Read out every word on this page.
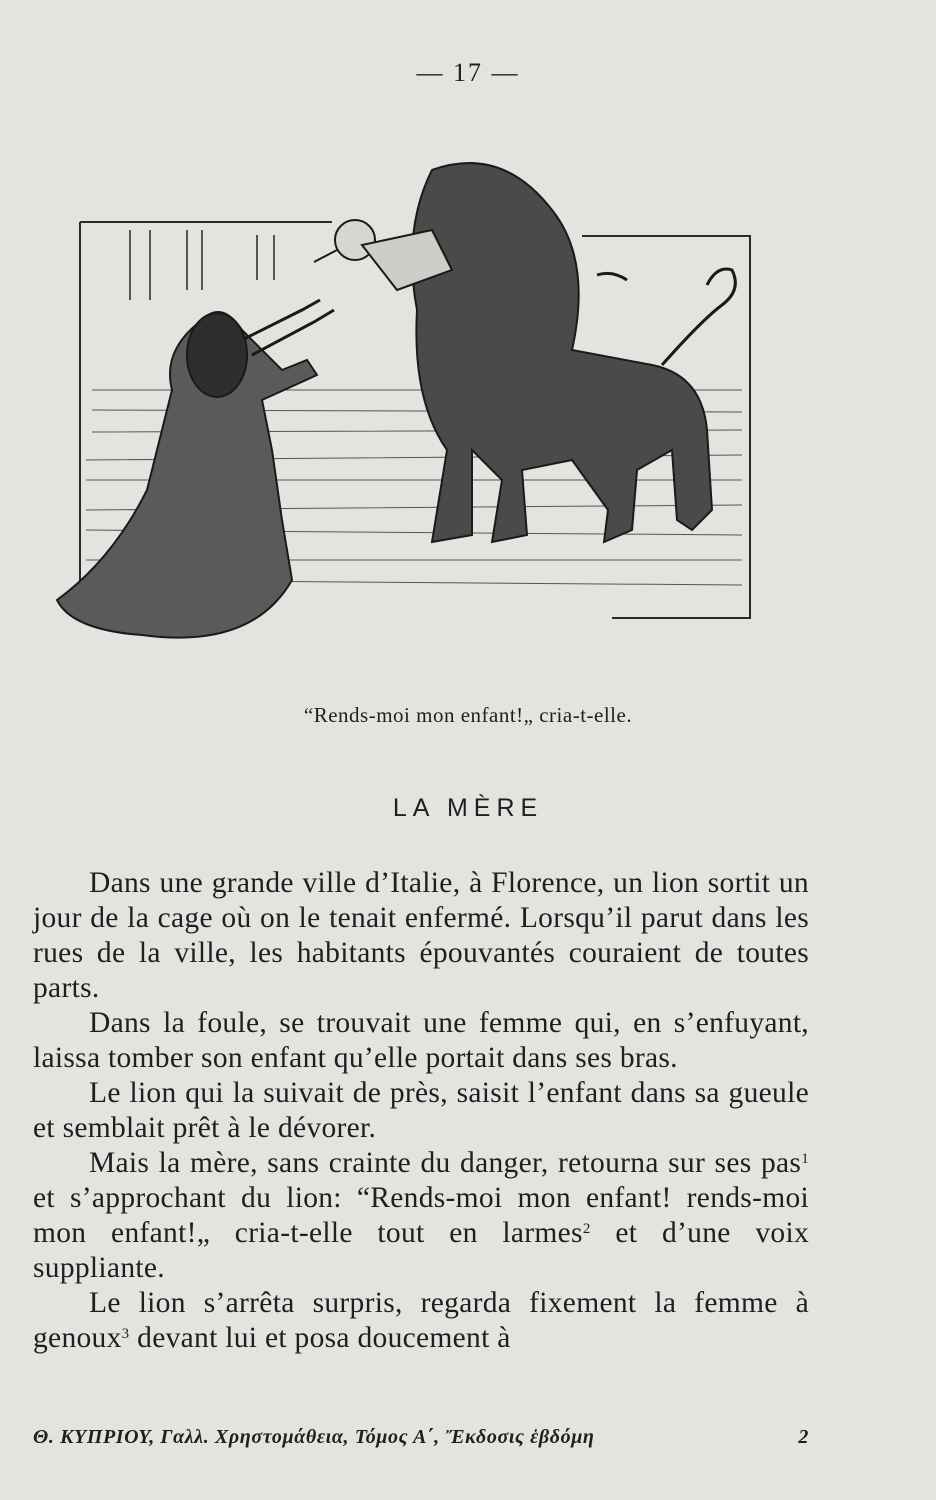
— 17 —
“Rends-moi mon enfant!„ cria-t-elle.
LA MÈRE

Dans une grande ville d’Italie, à Florence, un lion sortit un jour de la cage où on le tenait enfermé. Lorsqu’il parut dans les rues de la ville, les habitants épouvantés couraient de toutes parts.

Dans la foule, se trouvait une femme qui, en s’enfuyant, laissa tomber son enfant qu’elle portait dans ses bras.

Le lion qui la suivait de près, saisit l’enfant dans sa gueule et semblait prêt à le dévorer.

Mais la mère, sans crainte du danger, retourna sur ses pas$^1$ et s’approchant du lion: “Rends-moi mon enfant! rends-moi mon enfant!„ cria-t-elle tout en larmes$^2$ et d’une voix suppliante.

Le lion s’arrêta surpris, regarda fixement la femme à genoux$^3$ devant lui et posa doucement à

Θ. ΚΥΠΡΙΟΥ, Γαλλ. Χρηστομάθεια, Τόμος Α΄, Ἔκδοσις ἑβδόμη	2
